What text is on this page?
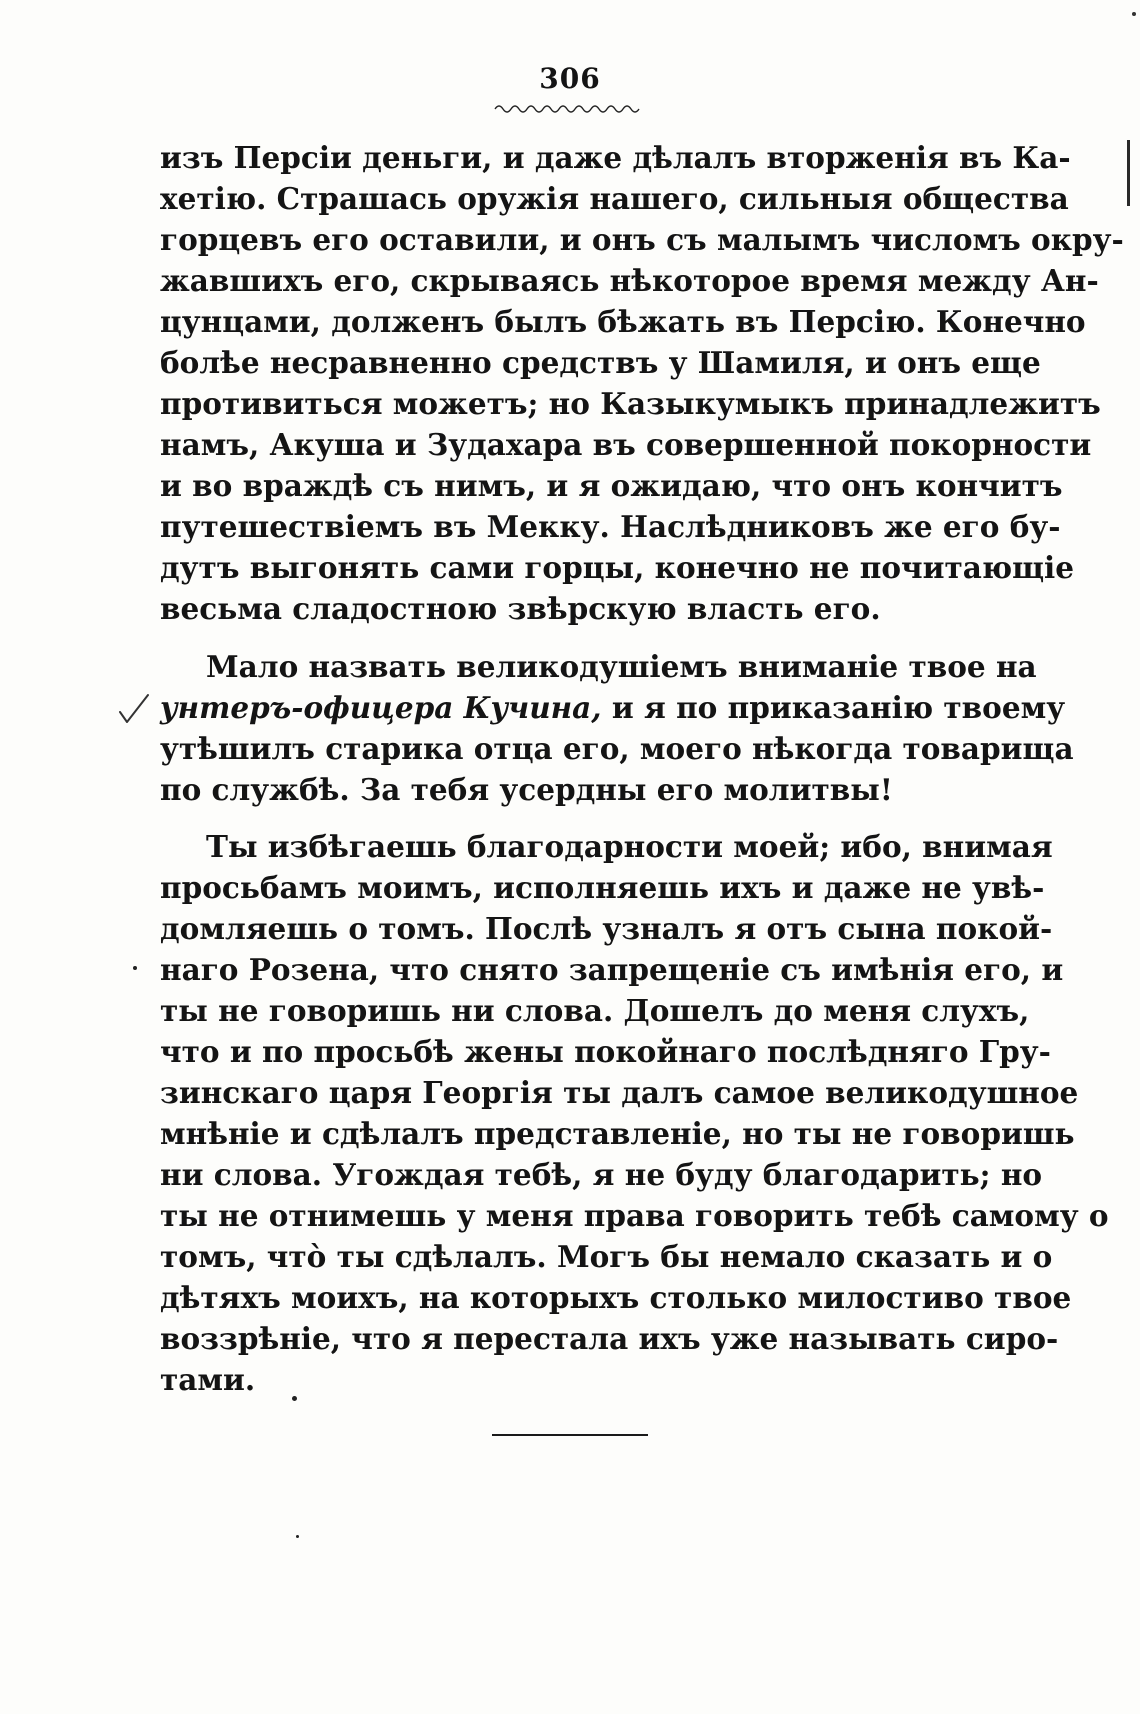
306
изъ Персіи деньги, и даже дѣлалъ вторженія въ Ка-
хетію. Страшась оружія нашего, сильныя общества
горцевъ его оставили, и онъ съ малымъ числомъ окру-
жавшихъ его, скрываясь нѣкоторое время между Ан-
цунцами, долженъ былъ бѣжать въ Персію. Конечно
болѣе несравненно средствъ у Шамиля, и онъ еще
противиться можетъ; но Казыкумыкъ принадлежитъ
намъ, Акуша и Зудахара въ совершенной покорности
и во враждѣ съ нимъ, и я ожидаю, что онъ кончитъ
путешествіемъ въ Мекку. Наслѣдниковъ же его бу-
дутъ выгонять сами горцы, конечно не почитающіе
весьма сладостною звѣрскую власть его.
Мало назвать великодушіемъ вниманіе твое на
унтеръ-офицера Кучина, и я по приказанію твоему
утѣшилъ старика отца его, моего нѣкогда товарища
по службѣ. За тебя усердны его молитвы!
Ты избѣгаешь благодарности моей; ибо, внимая
просьбамъ моимъ, исполняешь ихъ и даже не увѣ-
домляешь о томъ. Послѣ узналъ я отъ сына покой-
наго Розена, что снято запрещеніе съ имѣнія его, и
ты не говоришь ни слова. Дошелъ до меня слухъ,
что и по просьбѣ жены покойнаго послѣдняго Гру-
зинскаго царя Георгія ты далъ самое великодушное
мнѣніе и сдѣлалъ представленіе, но ты не говоришь
ни слова. Угождая тебѣ, я не буду благодарить; но
ты не отнимешь у меня права говорить тебѣ самому о
томъ, что̀ ты сдѣлалъ. Могъ бы немало сказать и о
дѣтяхъ моихъ, на которыхъ столько милостиво твое
воззрѣніе, что я перестала ихъ уже называть сиро-
тами.
